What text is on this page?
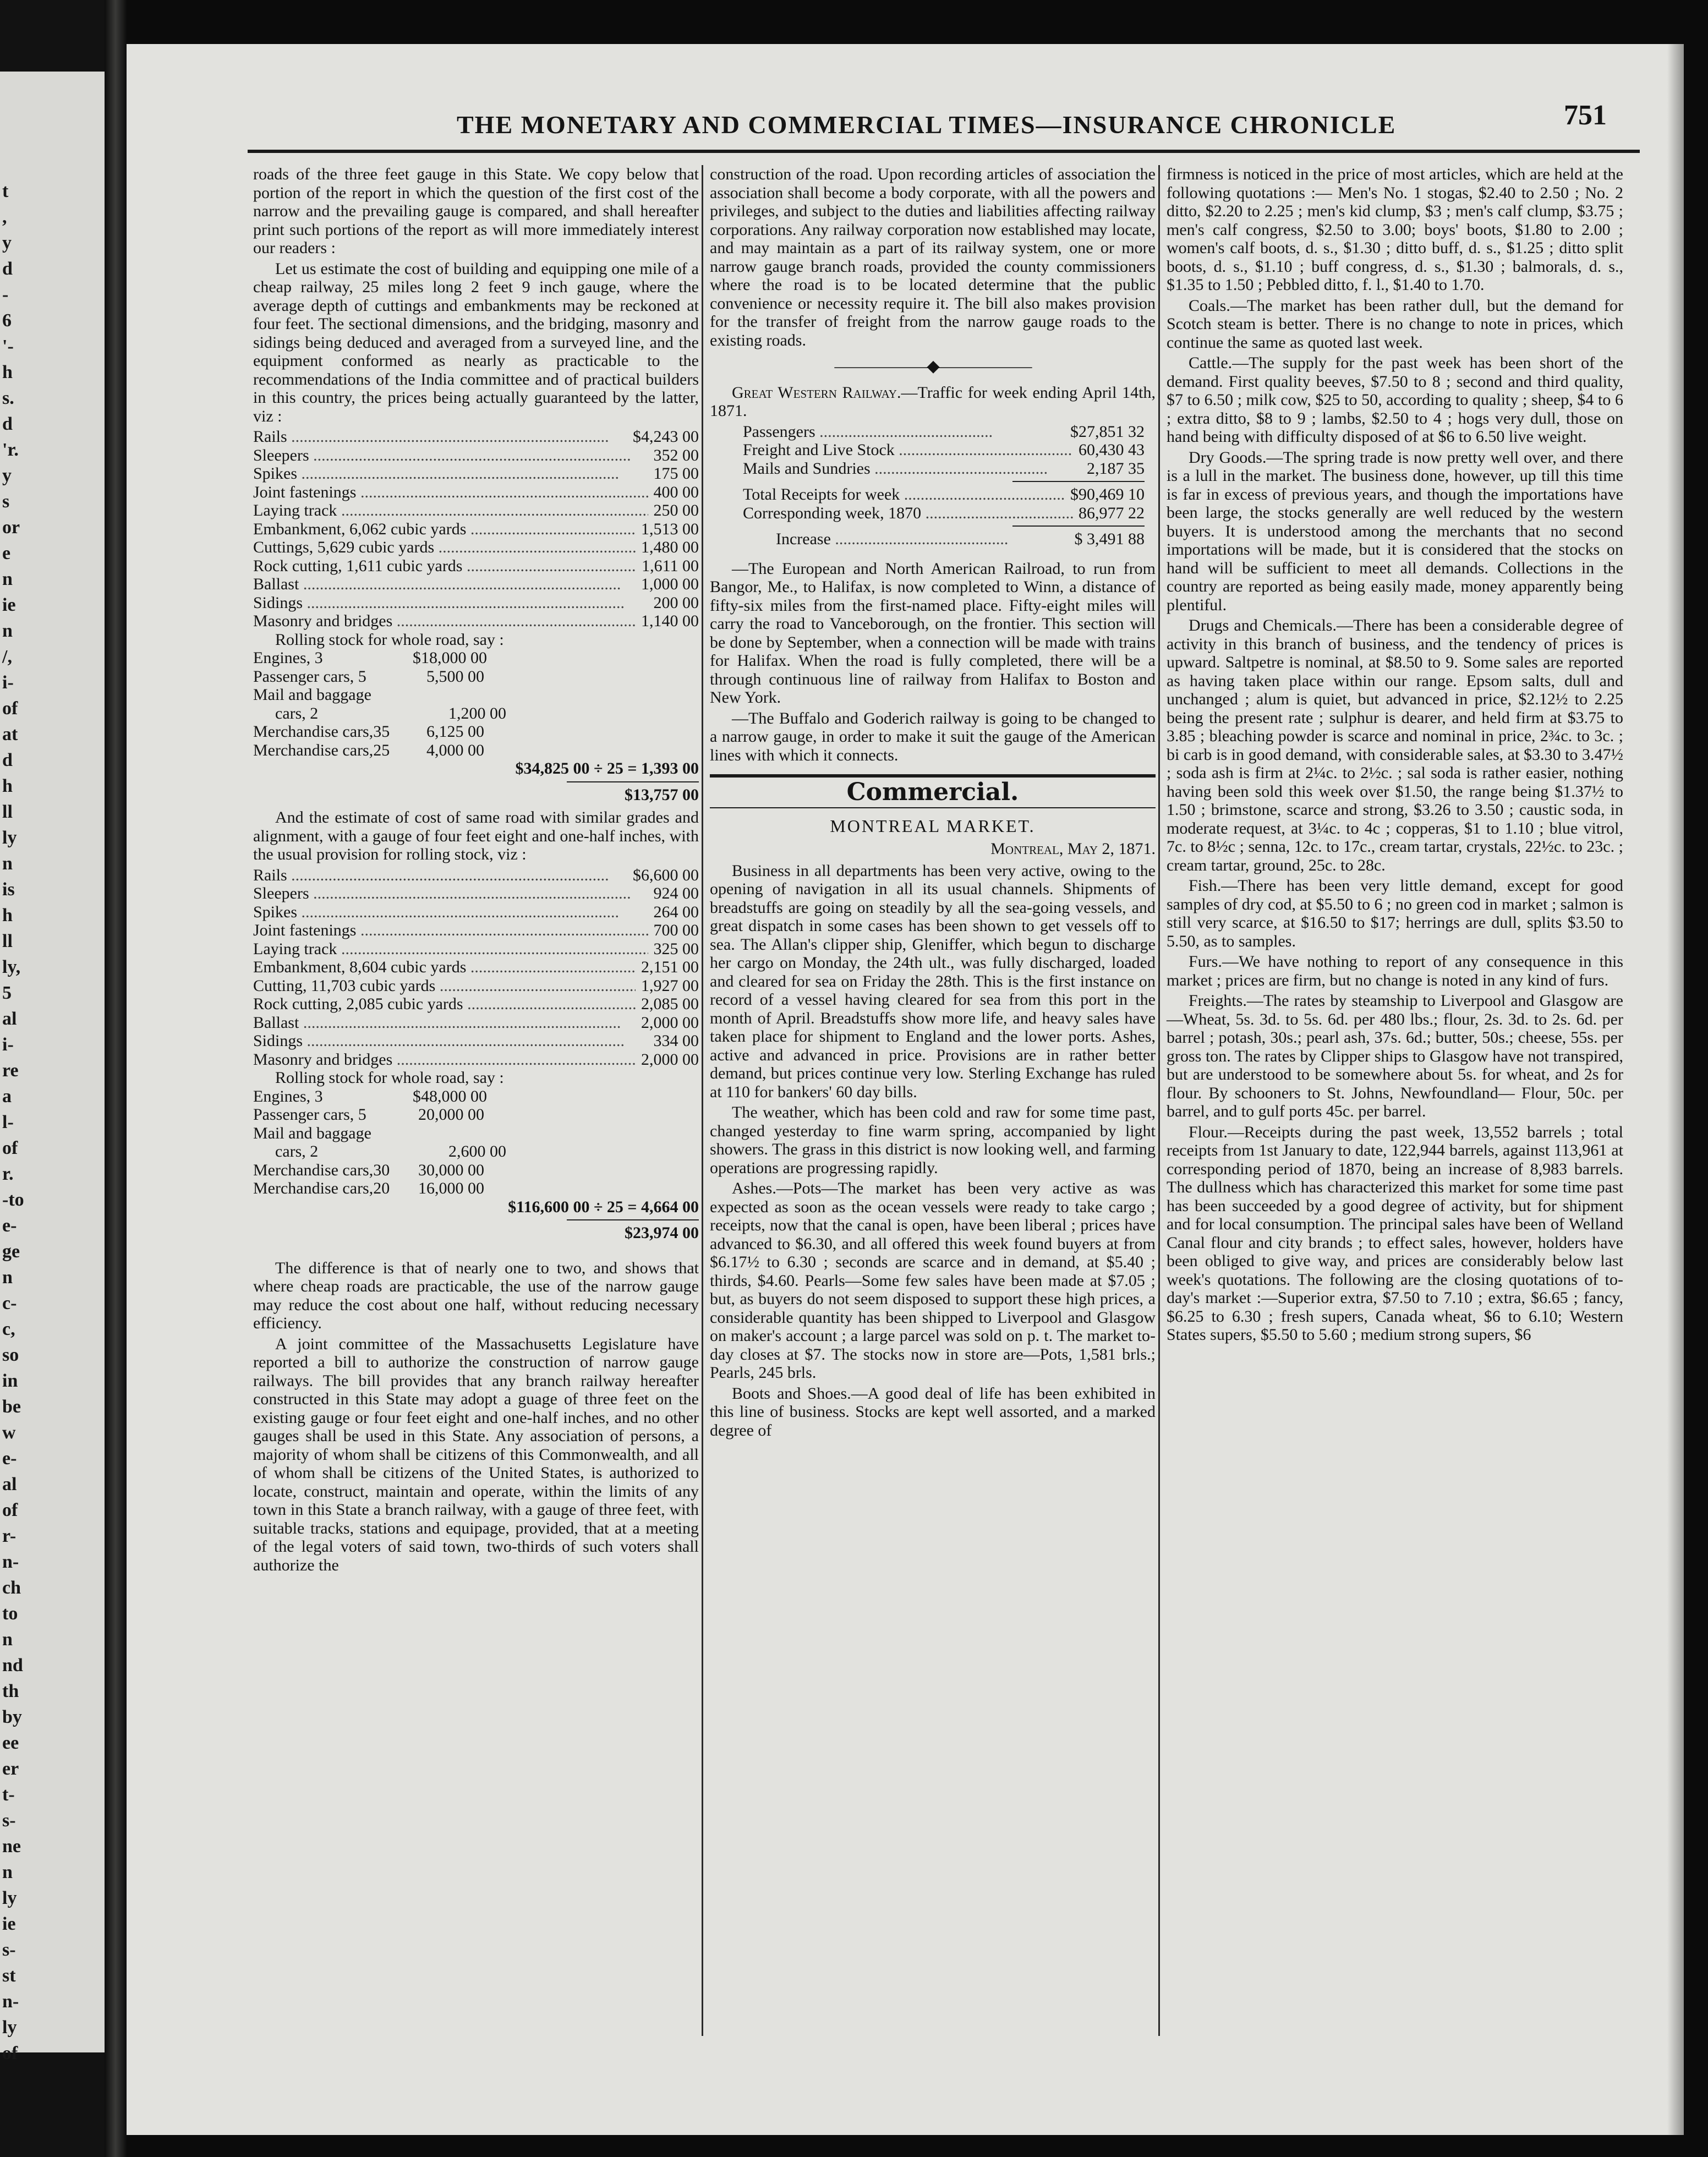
t
,
y
d
-
6
'-
h
s.
d
'r.
y
s
or
e
n
ie
n
/,
i-
of
at
d
h
ll
ly
n
is
h
ll
ly,
5
al
i-
re
a
l-
of
r.
-to
e-
ge
n
c-
c,
so
in
be
w
e-
al
of
r-
n-
ch
to
n
nd
th
by
ee
er
t-
s-
ne
n
ly
ie
s-
st
n-
ly
of
THE MONETARY AND COMMERCIAL TIMES—INSURANCE CHRONICLE	751

roads of the three feet gauge in this State. We copy below that portion of the report in which the question of the first cost of the narrow and the prevailing gauge is compared, and shall hereafter print such portions of the report as will more immediately interest our readers :

Let us estimate the cost of building and equipping one mile of a cheap railway, 25 miles long 2 feet 9 inch gauge, where the average depth of cuttings and embankments may be reckoned at four feet. The sectional dimensions, and the bridging, masonry and sidings being deduced and averaged from a surveyed line, and the equipment conformed as nearly as practicable to the recommendations of the India committee and of practical builders in this country, the prices being actually guaranteed by the latter, viz :

Rails .....	$4,243 00
Sleepers .....	352 00
Spikes .....	175 00
Joint fastenings .....	400 00
Laying track .....	250 00
Embankment, 6,062 cubic yards .....	1,513 00
Cuttings, 5,629 cubic yards .....	1,480 00
Rock cutting, 1,611 cubic yards .....	1,611 00
Ballast .....	1,000 00
Sidings .....	200 00
Masonry and bridges .....	1,140 00
Rolling stock for whole road, say :
Engines, 3	$18,000 00
Passenger cars, 5	5,500 00
Mail and baggage
cars, 2	1,200 00
Merchandise cars,35	6,125 00
Merchandise cars,25	4,000 00
$34,825 00 ÷ 25 = 1,393 00
$13,757 00

And the estimate of cost of same road with similar grades and alignment, with a gauge of four feet eight and one-half inches, with the usual provision for rolling stock, viz :

Rails .....	$6,600 00
Sleepers .....	924 00
Spikes .....	264 00
Joint fastenings .....	700 00
Laying track .....	325 00
Embankment, 8,604 cubic yards .....	2,151 00
Cutting, 11,703 cubic yards .....	1,927 00
Rock cutting, 2,085 cubic yards .....	2,085 00
Ballast .....	2,000 00
Sidings .....	334 00
Masonry and bridges .....	2,000 00
Rolling stock for whole road, say :
Engines, 3	$48,000 00
Passenger cars, 5	20,000 00
Mail and baggage
cars, 2	2,600 00
Merchandise cars,30	30,000 00
Merchandise cars,20	16,000 00
$116,600 00 ÷ 25 = 4,664 00
$23,974 00

The difference is that of nearly one to two, and shows that where cheap roads are practicable, the use of the narrow gauge may reduce the cost about one half, without reducing necessary efficiency.

A joint committee of the Massachusetts Legislature have reported a bill to authorize the construction of narrow gauge railways. The bill provides that any branch railway hereafter constructed in this State may adopt a guage of three feet on the existing gauge or four feet eight and one-half inches, and no other gauges shall be used in this State. Any association of persons, a majority of whom shall be citizens of this Commonwealth, and all of whom shall be citizens of the United States, is authorized to locate, construct, maintain and operate, within the limits of any town in this State a branch railway, with a gauge of three feet, with suitable tracks, stations and equipage, provided, that at a meeting of the legal voters of said town, two-thirds of such voters shall authorize the

construction of the road. Upon recording articles of association the association shall become a body corporate, with all the powers and privileges, and subject to the duties and liabilities affecting railway corporations. Any railway corporation now established may locate, and may maintain as a part of its railway system, one or more narrow gauge branch roads, provided the county commissioners where the road is to be located determine that the public convenience or necessity require it. The bill also makes provision for the transfer of freight from the narrow gauge roads to the existing roads.

——————◆——————

Great Western Railway.—Traffic for week ending April 14th, 1871.

Passengers .....	$27,851 32
Freight and Live Stock .....	60,430 43
Mails and Sundries .....	2,187 35
Total Receipts for week .....	$90,469 10
Corresponding week, 1870 .....	86,977 22
Increase .....	$ 3,491 88

—The European and North American Railroad, to run from Bangor, Me., to Halifax, is now completed to Winn, a distance of fifty-six miles from the first-named place. Fifty-eight miles will carry the road to Vanceborough, on the frontier. This section will be done by September, when a connection will be made with trains for Halifax. When the road is fully completed, there will be a through continuous line of railway from Halifax to Boston and New York.

—The Buffalo and Goderich railway is going to be changed to a narrow gauge, in order to make it suit the gauge of the American lines with which it connects.

Commercial.
MONTREAL MARKET.
Montreal, May 2, 1871.

Business in all departments has been very active, owing to the opening of navigation in all its usual channels. Shipments of breadstuffs are going on steadily by all the sea-going vessels, and great dispatch in some cases has been shown to get vessels off to sea. The Allan's clipper ship, Gleniffer, which begun to discharge her cargo on Monday, the 24th ult., was fully discharged, loaded and cleared for sea on Friday the 28th. This is the first instance on record of a vessel having cleared for sea from this port in the month of April. Breadstuffs show more life, and heavy sales have taken place for shipment to England and the lower ports. Ashes, active and advanced in price. Provisions are in rather better demand, but prices continue very low. Sterling Exchange has ruled at 110 for bankers' 60 day bills.

The weather, which has been cold and raw for some time past, changed yesterday to fine warm spring, accompanied by light showers. The grass in this district is now looking well, and farming operations are progressing rapidly.

Ashes.—Pots—The market has been very active as was expected as soon as the ocean vessels were ready to take cargo ; receipts, now that the canal is open, have been liberal ; prices have advanced to $6.30, and all offered this week found buyers at from $6.17½ to 6.30 ; seconds are scarce and in demand, at $5.40 ; thirds, $4.60. Pearls—Some few sales have been made at $7.05 ; but, as buyers do not seem disposed to support these high prices, a considerable quantity has been shipped to Liverpool and Glasgow on maker's account ; a large parcel was sold on p. t. The market to-day closes at $7. The stocks now in store are—Pots, 1,581 brls.; Pearls, 245 brls.

Boots and Shoes.—A good deal of life has been exhibited in this line of business. Stocks are kept well assorted, and a marked degree of

firmness is noticed in the price of most articles, which are held at the following quotations :— Men's No. 1 stogas, $2.40 to 2.50 ; No. 2 ditto, $2.20 to 2.25 ; men's kid clump, $3 ; men's calf clump, $3.75 ; men's calf congress, $2.50 to 3.00; boys' boots, $1.80 to 2.00 ; women's calf boots, d. s., $1.30 ; ditto buff, d. s., $1.25 ; ditto split boots, d. s., $1.10 ; buff congress, d. s., $1.30 ; balmorals, d. s., $1.35 to 1.50 ; Pebbled ditto, f. l., $1.40 to 1.70.

Coals.—The market has been rather dull, but the demand for Scotch steam is better. There is no change to note in prices, which continue the same as quoted last week.

Cattle.—The supply for the past week has been short of the demand. First quality beeves, $7.50 to 8 ; second and third quality, $7 to 6.50 ; milk cow, $25 to 50, according to quality ; sheep, $4 to 6 ; extra ditto, $8 to 9 ; lambs, $2.50 to 4 ; hogs very dull, those on hand being with difficulty disposed of at $6 to 6.50 live weight.

Dry Goods.—The spring trade is now pretty well over, and there is a lull in the market. The business done, however, up till this time is far in excess of previous years, and though the importations have been large, the stocks generally are well reduced by the western buyers. It is understood among the merchants that no second importations will be made, but it is considered that the stocks on hand will be sufficient to meet all demands. Collections in the country are reported as being easily made, money apparently being plentiful.

Drugs and Chemicals.—There has been a considerable degree of activity in this branch of business, and the tendency of prices is upward. Saltpetre is nominal, at $8.50 to 9. Some sales are reported as having taken place within our range. Epsom salts, dull and unchanged ; alum is quiet, but advanced in price, $2.12½ to 2.25 being the present rate ; sulphur is dearer, and held firm at $3.75 to 3.85 ; bleaching powder is scarce and nominal in price, 2¾c. to 3c. ; bi carb is in good demand, with considerable sales, at $3.30 to 3.47½ ; soda ash is firm at 2¼c. to 2½c. ; sal soda is rather easier, nothing having been sold this week over $1.50, the range being $1.37½ to 1.50 ; brimstone, scarce and strong, $3.26 to 3.50 ; caustic soda, in moderate request, at 3¼c. to 4c ; copperas, $1 to 1.10 ; blue vitrol, 7c. to 8½c ; senna, 12c. to 17c., cream tartar, crystals, 22½c. to 23c. ; cream tartar, ground, 25c. to 28c.

Fish.—There has been very little demand, except for good samples of dry cod, at $5.50 to 6 ; no green cod in market ; salmon is still very scarce, at $16.50 to $17; herrings are dull, splits $3.50 to 5.50, as to samples.

Furs.—We have nothing to report of any consequence in this market ; prices are firm, but no change is noted in any kind of furs.

Freights.—The rates by steamship to Liverpool and Glasgow are—Wheat, 5s. 3d. to 5s. 6d. per 480 lbs.; flour, 2s. 3d. to 2s. 6d. per barrel ; potash, 30s.; pearl ash, 37s. 6d.; butter, 50s.; cheese, 55s. per gross ton. The rates by Clipper ships to Glasgow have not transpired, but are understood to be somewhere about 5s. for wheat, and 2s for flour. By schooners to St. Johns, Newfoundland— Flour, 50c. per barrel, and to gulf ports 45c. per barrel.

Flour.—Receipts during the past week, 13,552 barrels ; total receipts from 1st January to date, 122,944 barrels, against 113,961 at corresponding period of 1870, being an increase of 8,983 barrels. The dullness which has characterized this market for some time past has been succeeded by a good degree of activity, but for shipment and for local consumption. The principal sales have been of Welland Canal flour and city brands ; to effect sales, however, holders have been obliged to give way, and prices are considerably below last week's quotations. The following are the closing quotations of to-day's market :—Superior extra, $7.50 to 7.10 ; extra, $6.65 ; fancy, $6.25 to 6.30 ; fresh supers, Canada wheat, $6 to 6.10; Western States supers, $5.50 to 5.60 ; medium strong supers, $6
